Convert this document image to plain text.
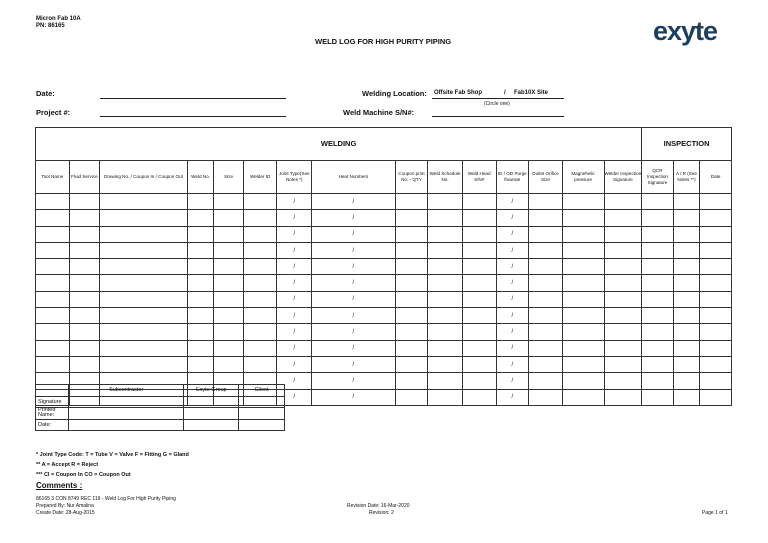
Micron Fab 10A
PN: 86165
WELD LOG FOR HIGH PURITY PIPING	exyte
Date:
Project #:
Welding Location: Offsite Fab Shop	/ Fab10X Site
(Circle one)
Weld Machine S/N#:
WELDING															INSPECTION		
Tool Name	Fluid Service	Drawing No. / Coupon In / Coupon Out	Weld No.	Size	Welder ID	Joint Type(See Notes *)	Heat Numbers	Coupon print No: - QTY	Weld Schedule No.	Weld Head S/N#	ID / OD Purge flowrate	Outlet Orifice Size	Magnehelic pressure	Welder Inspection Signature	QCR Inspection Signature	A / R (See Notes **)	Date
						/	/				/						
						/	/				/						
						/	/				/						
						/	/				/						
						/	/				/						
						/	/				/						
						/	/				/						
						/	/				/						
						/	/				/						
						/	/				/						
						/	/				/						
						/	/				/						
						/	/				/						
	Subcontractor	Exyte Group	Client
Signature			
Printed Name:			
Date:			
* Joint Type Code: T = Tube V = Valve F = Fitting G = Gland
** A = Accept R = Reject
*** CI = Coupon In CO = Coupon Out
Comments :
86165 3 CON 8749 REC 119 - Weld Log For High Purity Piping
Prepared By: Nur Amalina
Create Date: 28-Aug-2015
Revision Date: 16-Mar-2020
Revision: 2	Page 1 of 1
